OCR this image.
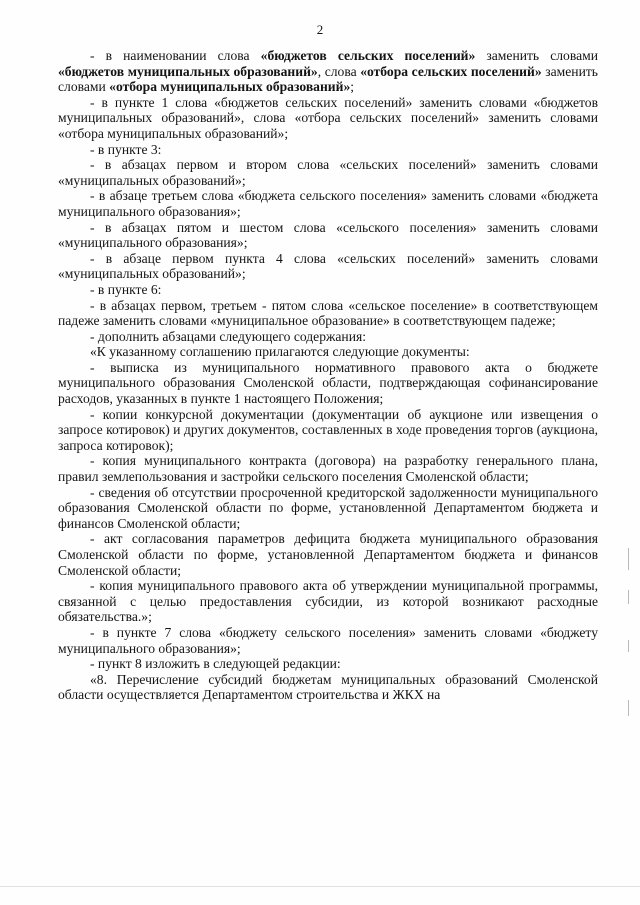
2

- в наименовании слова «бюджетов сельских поселений» заменить словами «бюджетов муниципальных образований», слова «отбора сельских поселений» заменить словами «отбора муниципальных образований»;

- в пункте 1 слова «бюджетов сельских поселений» заменить словами «бюджетов муниципальных образований», слова «отбора сельских поселений» заменить словами «отбора муниципальных образований»;

- в пункте 3:

- в абзацах первом и втором слова «сельских поселений» заменить словами «муниципальных образований»;

- в абзаце третьем слова «бюджета сельского поселения» заменить словами «бюджета муниципального образования»;

- в абзацах пятом и шестом слова «сельского поселения» заменить словами «муниципального образования»;

- в абзаце первом пункта 4 слова «сельских поселений» заменить словами «муниципальных образований»;

- в пункте 6:

- в абзацах первом, третьем - пятом слова «сельское поселение» в соответствующем падеже заменить словами «муниципальное образование» в соответствующем падеже;

- дополнить абзацами следующего содержания:

«К указанному соглашению прилагаются следующие документы:

- выписка из муниципального нормативного правового акта о бюджете муниципального образования Смоленской области, подтверждающая софинансирование расходов, указанных в пункте 1 настоящего Положения;

- копии конкурсной документации (документации об аукционе или извещения о запросе котировок) и других документов, составленных в ходе проведения торгов (аукциона, запроса котировок);

- копия муниципального контракта (договора) на разработку генерального плана, правил землепользования и застройки сельского поселения Смоленской области;

- сведения об отсутствии просроченной кредиторской задолженности муниципального образования Смоленской области по форме, установленной Департаментом бюджета и финансов Смоленской области;

- акт согласования параметров дефицита бюджета муниципального образования Смоленской области по форме, установленной Департаментом бюджета и финансов Смоленской области;

- копия муниципального правового акта об утверждении муниципальной программы, связанной с целью предоставления субсидии, из которой возникают расходные обязательства.»;

- в пункте 7 слова «бюджету сельского поселения» заменить словами «бюджету муниципального образования»;

- пункт 8 изложить в следующей редакции:

«8. Перечисление субсидий бюджетам муниципальных образований Смоленской области осуществляется Департаментом строительства и ЖКХ на
